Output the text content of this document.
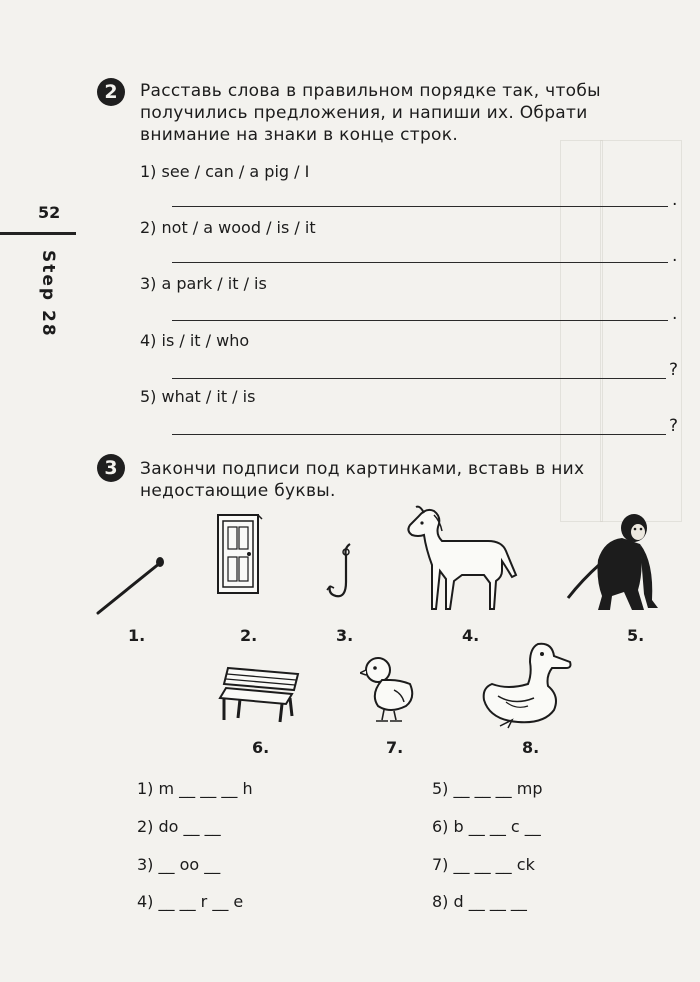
52
Step 28
2	Расставь слова в правильном порядке так, чтобы
получились предложения, и напиши их. Обрати
внимание на знаки в конце строк.
1) see / can / a pig / I
.
2) not / a wood / is / it
.
3) a park / it / is
.
4) is / it / who
?
5) what / it / is
?
3	Закончи подписи под картинками, вставь в них
недостающие буквы.
1.	2.	3.	4.	5.
6.	7.	8.
1) m __ __ __ h
2) do __ __
3) __ oo __
4) __ __ r __ e
5) __ __ __ mp
6) b __ __ c __
7) __ __ __ ck
8) d __ __ __
